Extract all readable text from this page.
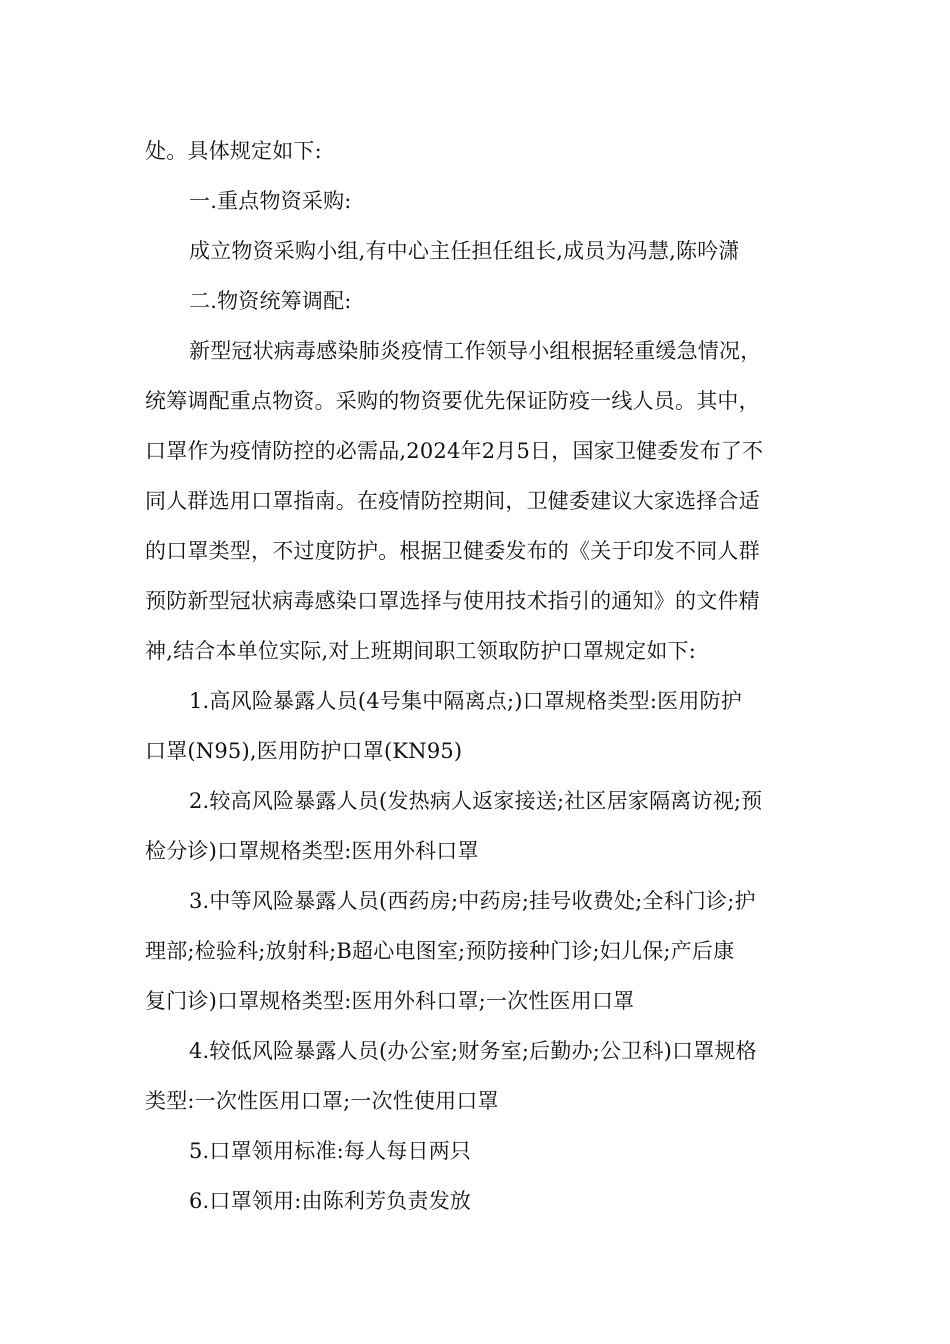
处。具体规定如下:
一.重点物资采购:
成立物资采购小组,有中心主任担任组长,成员为冯慧,陈吟潇
二.物资统筹调配:
新型冠状病毒感染肺炎疫情工作领导小组根据轻重缓急情况，
统筹调配重点物资。采购的物资要优先保证防疫一线人员。其中，
口罩作为疫情防控的必需品,2024年2月5日，国家卫健委发布了不
同人群选用口罩指南。在疫情防控期间，卫健委建议大家选择合适
的口罩类型，不过度防护。根据卫健委发布的《关于印发不同人群
预防新型冠状病毒感染口罩选择与使用技术指引的通知》的文件精
神,结合本单位实际,对上班期间职工领取防护口罩规定如下:
1.高风险暴露人员(4号集中隔离点;)口罩规格类型:医用防护
口罩(N95),医用防护口罩(KN95)
2.较高风险暴露人员(发热病人返家接送;社区居家隔离访视;预
检分诊)口罩规格类型:医用外科口罩
3.中等风险暴露人员(西药房;中药房;挂号收费处;全科门诊;护
理部;检验科;放射科;B超心电图室;预防接种门诊;妇儿保;产后康
复门诊)口罩规格类型:医用外科口罩;一次性医用口罩
4.较低风险暴露人员(办公室;财务室;后勤办;公卫科)口罩规格
类型:一次性医用口罩;一次性使用口罩
5.口罩领用标准:每人每日两只
6.口罩领用:由陈利芳负责发放
